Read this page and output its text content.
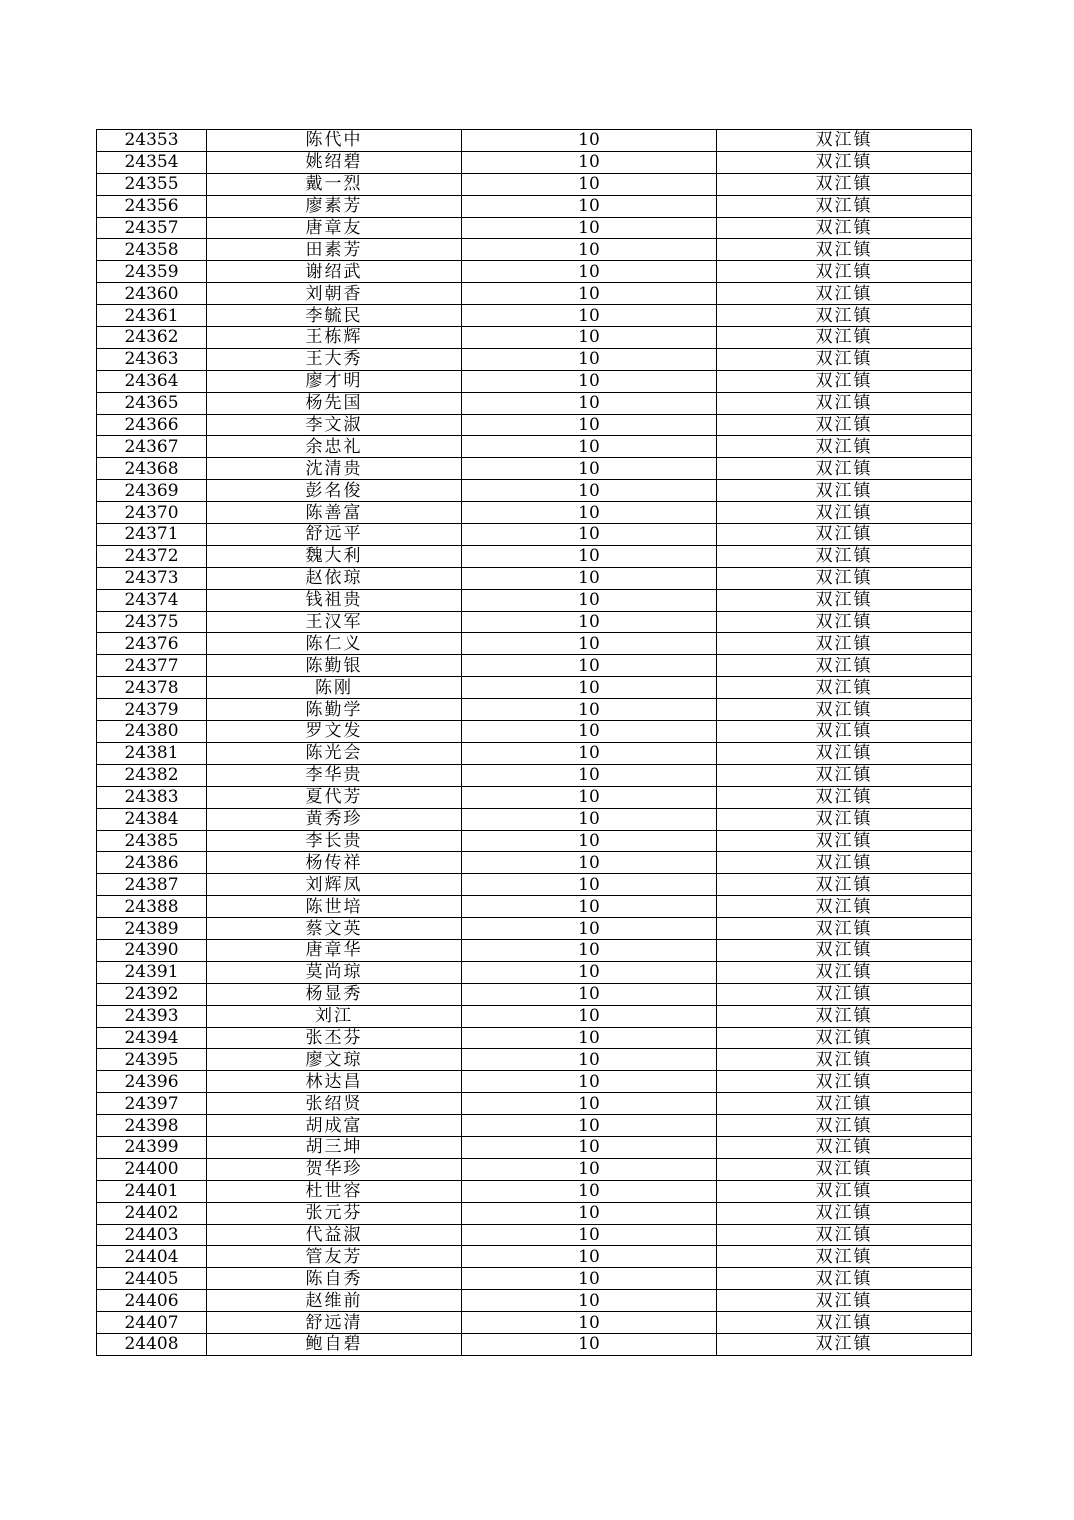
24353	陈代中	10	双江镇
24354	姚绍碧	10	双江镇
24355	戴一烈	10	双江镇
24356	廖素芳	10	双江镇
24357	唐章友	10	双江镇
24358	田素芳	10	双江镇
24359	谢绍武	10	双江镇
24360	刘朝香	10	双江镇
24361	李毓民	10	双江镇
24362	王栋辉	10	双江镇
24363	王大秀	10	双江镇
24364	廖才明	10	双江镇
24365	杨先国	10	双江镇
24366	李文淑	10	双江镇
24367	余忠礼	10	双江镇
24368	沈清贵	10	双江镇
24369	彭名俊	10	双江镇
24370	陈善富	10	双江镇
24371	舒远平	10	双江镇
24372	魏大利	10	双江镇
24373	赵依琼	10	双江镇
24374	钱祖贵	10	双江镇
24375	王汉军	10	双江镇
24376	陈仁义	10	双江镇
24377	陈勤银	10	双江镇
24378	陈刚	10	双江镇
24379	陈勤学	10	双江镇
24380	罗文发	10	双江镇
24381	陈光会	10	双江镇
24382	李华贵	10	双江镇
24383	夏代芳	10	双江镇
24384	黄秀珍	10	双江镇
24385	李长贵	10	双江镇
24386	杨传祥	10	双江镇
24387	刘辉凤	10	双江镇
24388	陈世培	10	双江镇
24389	蔡文英	10	双江镇
24390	唐章华	10	双江镇
24391	莫尚琼	10	双江镇
24392	杨显秀	10	双江镇
24393	刘江	10	双江镇
24394	张丕芬	10	双江镇
24395	廖文琼	10	双江镇
24396	林达昌	10	双江镇
24397	张绍贤	10	双江镇
24398	胡成富	10	双江镇
24399	胡三坤	10	双江镇
24400	贺华珍	10	双江镇
24401	杜世容	10	双江镇
24402	张元芬	10	双江镇
24403	代益淑	10	双江镇
24404	管友芳	10	双江镇
24405	陈自秀	10	双江镇
24406	赵维前	10	双江镇
24407	舒远清	10	双江镇
24408	鲍自碧	10	双江镇
